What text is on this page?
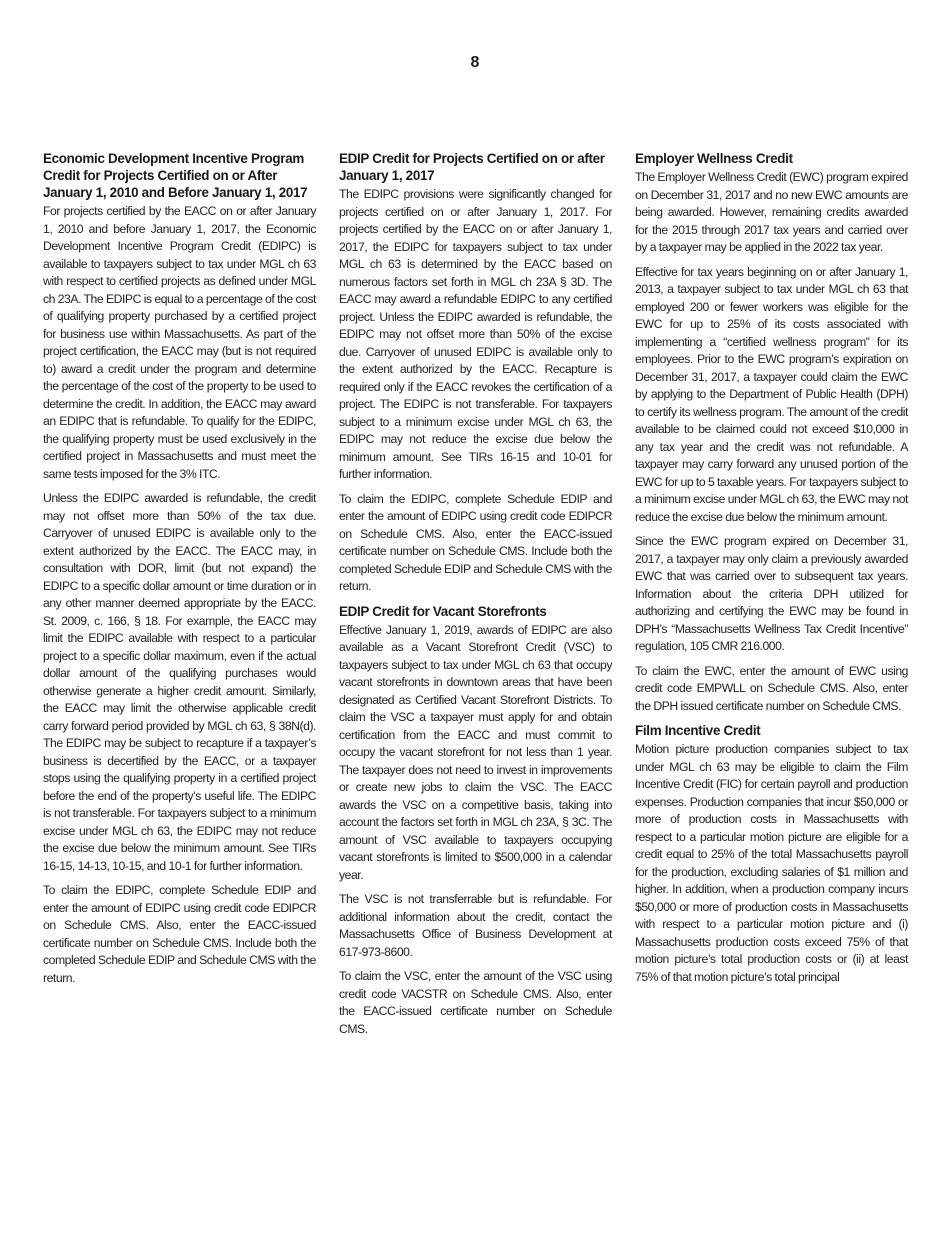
8
Economic Development Incentive Program Credit for Projects Certified on or After January 1, 2010 and Before January 1, 2017

For projects certified by the EACC on or after January 1, 2010 and before January 1, 2017, the Economic Development Incentive Program Credit (EDIPC) is available to taxpayers subject to tax under MGL ch 63 with respect to certified projects as defined under MGL ch 23A. The EDIPC is equal to a percentage of the cost of qualifying property purchased by a certified project for business use within Massachusetts. As part of the project certification, the EACC may (but is not required to) award a credit under the program and determine the percentage of the cost of the property to be used to determine the credit. In addition, the EACC may award an EDIPC that is refundable. To qualify for the EDIPC, the qualifying property must be used exclusively in the certified project in Massachusetts and must meet the same tests imposed for the 3% ITC.

Unless the EDIPC awarded is refundable, the credit may not offset more than 50% of the tax due. Carryover of unused EDIPC is available only to the extent authorized by the EACC. The EACC may, in consultation with DOR, limit (but not expand) the EDIPC to a specific dollar amount or time duration or in any other manner deemed appropriate by the EACC. St. 2009, c. 166, § 18. For example, the EACC may limit the EDIPC available with respect to a particular project to a specific dollar maximum, even if the actual dollar amount of the qualifying purchases would otherwise generate a higher credit amount. Similarly, the EACC may limit the otherwise applicable credit carry forward period provided by MGL ch 63, § 38N(d). The EDIPC may be subject to recapture if a taxpayer’s business is decertified by the EACC, or a taxpayer stops using the qualifying property in a certified project before the end of the property’s useful life. The EDIPC is not transferable. For taxpayers subject to a minimum excise under MGL ch 63, the EDIPC may not reduce the excise due below the minimum amount. See TIRs 16-15, 14-13, 10-15, and 10-1 for further information.

To claim the EDIPC, complete Schedule EDIP and enter the amount of EDIPC using credit code EDIPCR on Schedule CMS. Also, enter the EACC-issued certificate number on Schedule CMS. Include both the completed Schedule EDIP and Schedule CMS with the return.

EDIP Credit for Projects Certified on or after January 1, 2017

The EDIPC provisions were significantly changed for projects certified on or after January 1, 2017. For projects certified by the EACC on or after January 1, 2017, the EDIPC for taxpayers subject to tax under MGL ch 63 is determined by the EACC based on numerous factors set forth in MGL ch 23A § 3D. The EACC may award a refundable EDIPC to any certified project. Unless the EDIPC awarded is refundable, the EDIPC may not offset more than 50% of the excise due. Carryover of unused EDIPC is available only to the extent authorized by the EACC. Recapture is required only if the EACC revokes the certification of a project. The EDIPC is not transferable. For taxpayers subject to a minimum excise under MGL ch 63, the EDIPC may not reduce the excise due below the minimum amount. See TIRs 16-15 and 10-01 for further information.

To claim the EDIPC, complete Schedule EDIP and enter the amount of EDIPC using credit code EDIPCR on Schedule CMS. Also, enter the EACC-issued certificate number on Schedule CMS. Include both the completed Schedule EDIP and Schedule CMS with the return.

EDIP Credit for Vacant Storefronts

Effective January 1, 2019, awards of EDIPC are also available as a Vacant Storefront Credit (VSC) to taxpayers subject to tax under MGL ch 63 that occupy vacant storefronts in downtown areas that have been designated as Certified Vacant Storefront Districts. To claim the VSC a taxpayer must apply for and obtain certification from the EACC and must commit to occupy the vacant storefront for not less than 1 year. The taxpayer does not need to invest in improvements or create new jobs to claim the VSC. The EACC awards the VSC on a competitive basis, taking into account the factors set forth in MGL ch 23A, § 3C. The amount of VSC available to taxpayers occupying vacant storefronts is limited to $500,000 in a calendar year.

The VSC is not transferrable but is refundable. For additional information about the credit, contact the Massachusetts Office of Business Development at 617-973-8600.

To claim the VSC, enter the amount of the VSC using credit code VACSTR on Schedule CMS. Also, enter the EACC-issued certificate number on Schedule CMS.

Employer Wellness Credit

The Employer Wellness Credit (EWC) program expired on December 31, 2017 and no new EWC amounts are being awarded. However, remaining credits awarded for the 2015 through 2017 tax years and carried over by a taxpayer may be applied in the 2022 tax year.

Effective for tax years beginning on or after January 1, 2013, a taxpayer subject to tax under MGL ch 63 that employed 200 or fewer workers was eligible for the EWC for up to 25% of its costs associated with implementing a “certified wellness program” for its employees. Prior to the EWC program’s expiration on December 31, 2017, a taxpayer could claim the EWC by applying to the Department of Public Health (DPH) to certify its wellness program. The amount of the credit available to be claimed could not exceed $10,000 in any tax year and the credit was not refundable. A taxpayer may carry forward any unused portion of the EWC for up to 5 taxable years. For taxpayers subject to a minimum excise under MGL ch 63, the EWC may not reduce the excise due below the minimum amount.

Since the EWC program expired on December 31, 2017, a taxpayer may only claim a previously awarded EWC that was carried over to subsequent tax years. Information about the criteria DPH utilized for authorizing and certifying the EWC may be found in DPH’s “Massachusetts Wellness Tax Credit Incentive” regulation, 105 CMR 216.000.

To claim the EWC, enter the amount of EWC using credit code EMPWLL on Schedule CMS. Also, enter the DPH issued certificate number on Schedule CMS.

Film Incentive Credit

Motion picture production companies subject to tax under MGL ch 63 may be eligible to claim the Film Incentive Credit (FIC) for certain payroll and production expenses. Production companies that incur $50,000 or more of production costs in Massachusetts with respect to a particular motion picture are eligible for a credit equal to 25% of the total Massachusetts payroll for the production, excluding salaries of $1 million and higher. In addition, when a production company incurs $50,000 or more of production costs in Massachusetts with respect to a particular motion picture and (i) Massachusetts production costs exceed 75% of that motion picture’s total production costs or (ii) at least 75% of that motion picture’s total principal
